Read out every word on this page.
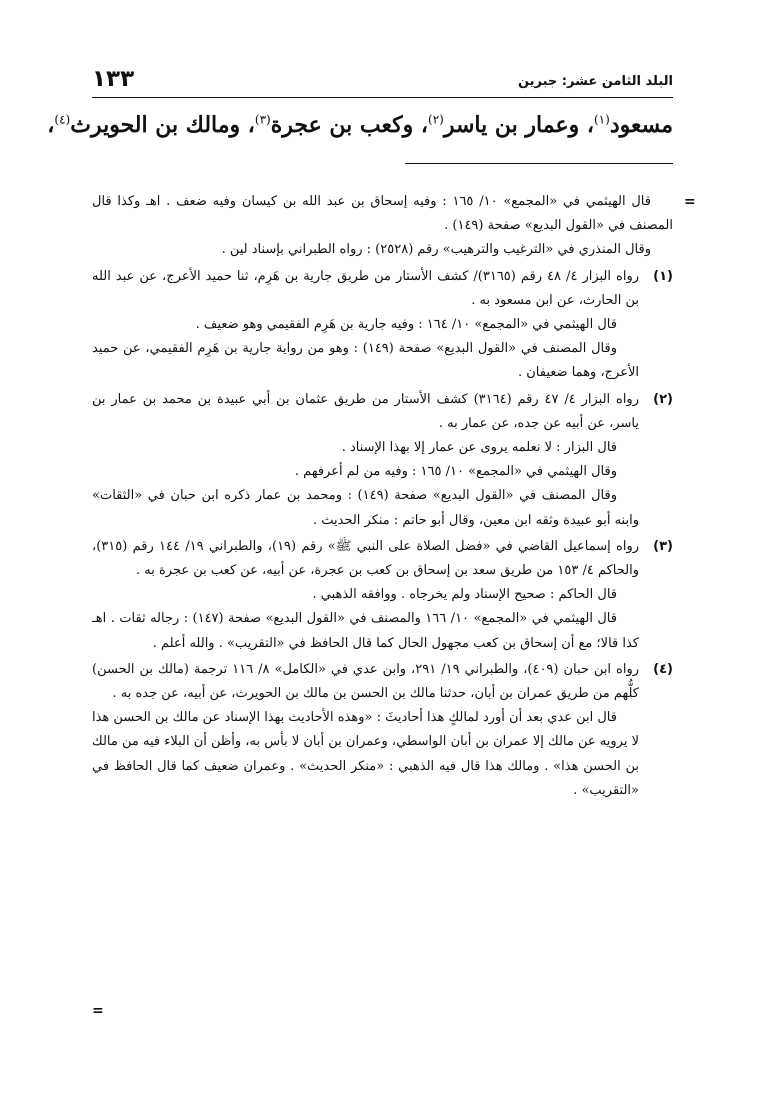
البلد الثامن عشر: جبرين
١٣٣
مسعود$^{(١)}$، وعمار بن ياسر$^{(٢)}$، وكعب بن عجرة$^{(٣)}$، ومالك بن الحويرث$^{(٤)}$،
=

قال الهيثمي في «المجمع» ١٠/ ١٦٥ : وفيه إسحاق بن عبد الله بن كيسان وفيه ضعف . اهـ وكذا قال المصنف في «القول البديع» صفحة (١٤٩) .

وقال المنذري في «الترغيب والترهيب» رقم (٢٥٢٨) : رواه الطبراني بإسناد لين .

(١)

رواه البزار ٤/ ٤٨ رقم (٣١٦٥)/ كشف الأستار من طريق جارية بن هَرِم، ثنا حميد الأعرج، عن عبد الله بن الحارث، عن ابن مسعود به .

قال الهيثمي في «المجمع» ١٠/ ١٦٤ : وفيه جارية بن هَرِم الفقيمي وهو ضعيف .

وقال المصنف في «القول البديع» صفحة (١٤٩) : وهو من رواية جارية بن هَرِم الفقيمي، عن حميد الأعرج، وهما ضعيفان .

(٢)

رواه البزار ٤/ ٤٧ رقم (٣١٦٤) كشف الأستار من طريق عثمان بن أبي عبيدة بن محمد بن عمار بن ياسر، عن أبيه عن جده، عن عمار به .

قال البزار : لا نعلمه يروى عن عمار إلا بهذا الإسناد .

وقال الهيثمي في «المجمع» ١٠/ ١٦٥ : وفيه من لم أعرفهم .

وقال المصنف في «القول البديع» صفحة (١٤٩) : ومحمد بن عمار ذكره ابن حبان في «الثقات» وابنه أبو عبيدة وثقه ابن معين، وقال أبو حاتم : منكر الحديث .

(٣)

رواه إسماعيل القاضي في «فضل الصلاة على النبي ﷺ» رقم (١٩)، والطبراني ١٩/ ١٤٤ رقم (٣١٥)، والحاكم ٤/ ١٥٣ من طريق سعد بن إسحاق بن كعب بن عجرة، عن أبيه، عن كعب بن عجرة به .

قال الحاكم : صحيح الإسناد ولم يخرجاه . ووافقه الذهبي .

قال الهيثمي في «المجمع» ١٠/ ١٦٦ والمصنف في «القول البديع» صفحة (١٤٧) : رجاله ثقات . اهـ كذا قالا؛ مع أن إسحاق بن كعب مجهول الحال كما قال الحافظ في «التقريب» . والله أعلم .

(٤)

رواه ابن حبان (٤٠٩)، والطبراني ١٩/ ٢٩١، وابن عدي في «الكامل» ٨/ ١١٦ ترجمة (مالك بن الحسن) كلُّهم من طريق عمران بن أبان، حدثنا مالك بن الحسن بن مالك بن الحويرث، عن أبيه، عن جده به .

قال ابن عدي بعد أن أورد لمالكٍ هذا أحاديثَ : «وهذه الأحاديث بهذا الإسناد عن مالك بن الحسن هذا لا يرويه عن مالك إلا عمران بن أبان الواسطي، وعمران بن أبان لا بأس به، وأظن أن البلاء فيه من مالك بن الحسن هذا» . ومالك هذا قال فيه الذهبي : «منكر الحديث» . وعمران ضعيف كما قال الحافظ في «التقريب» .

=
